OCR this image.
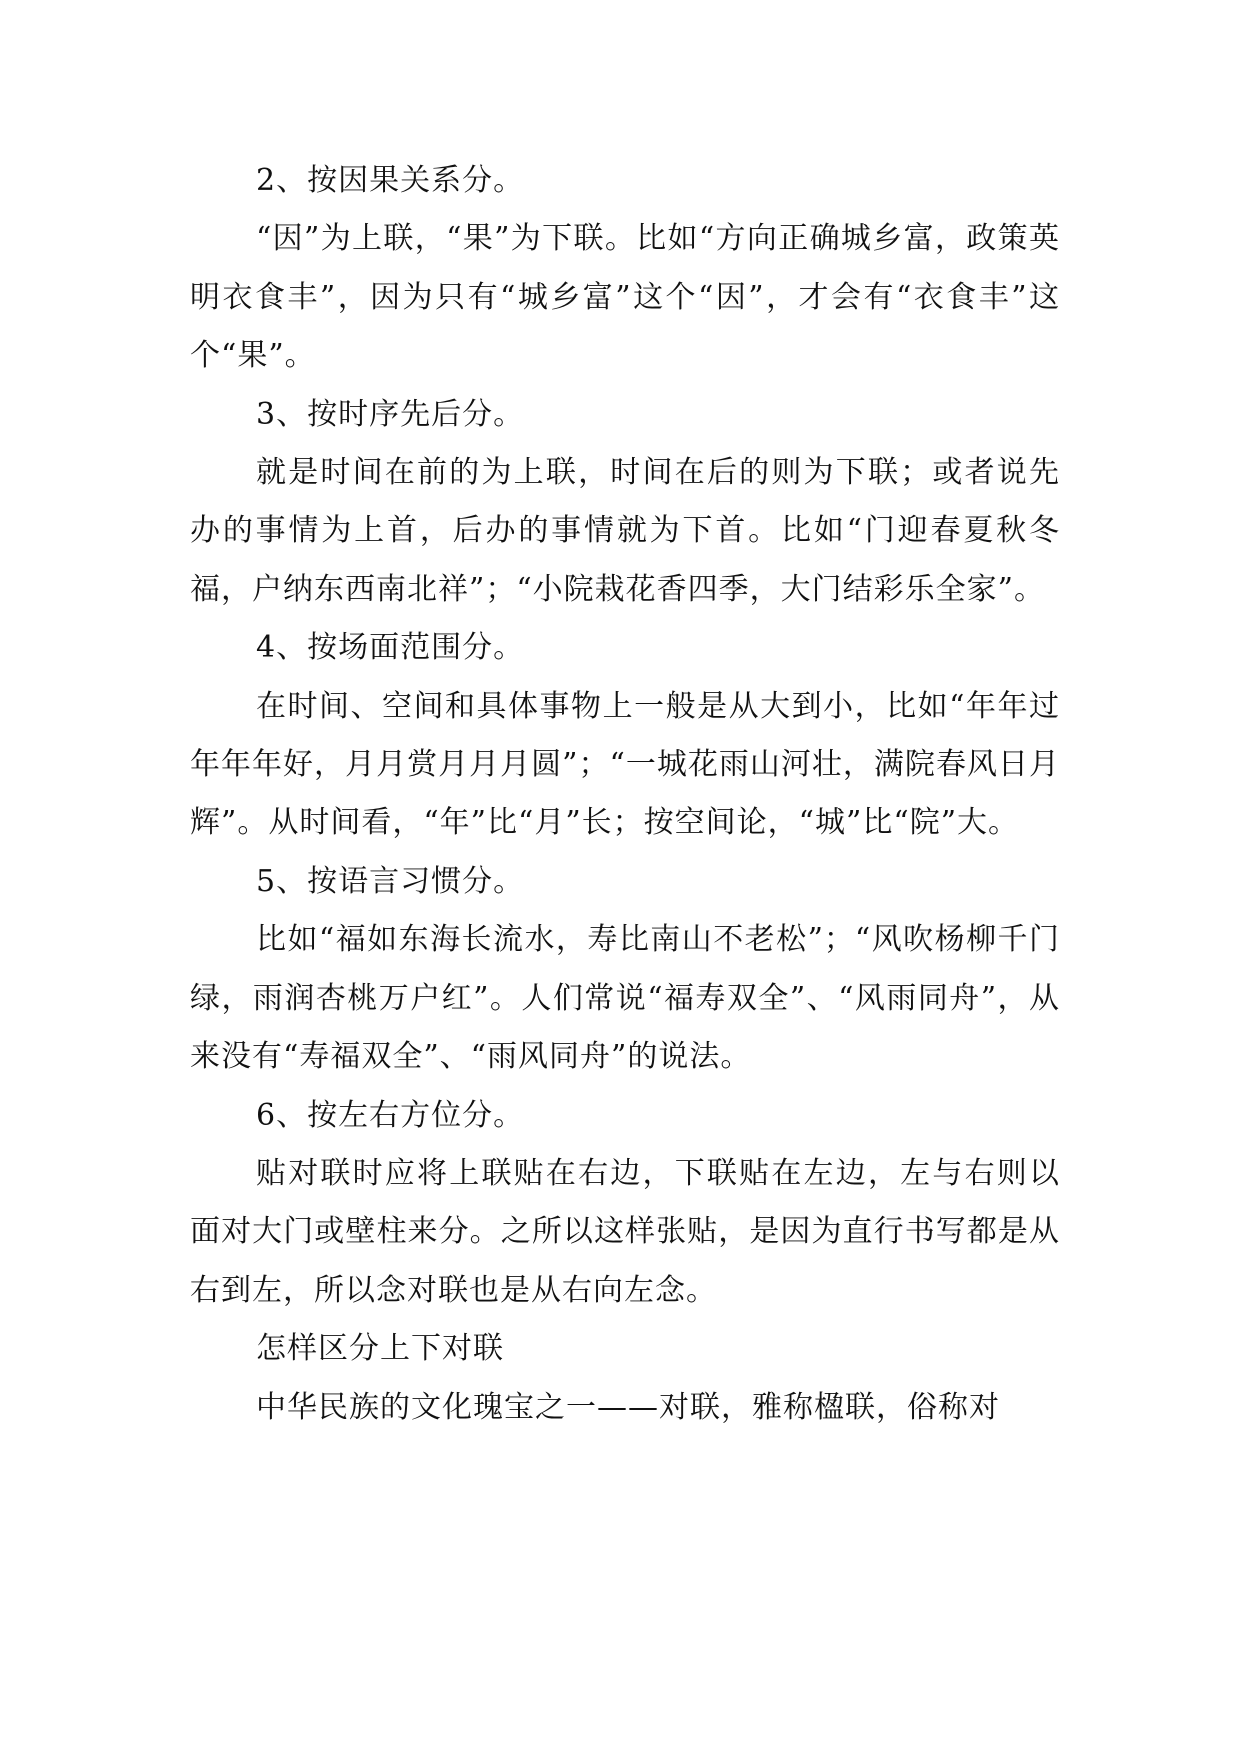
2、按因果关系分。

“因”为上联，“果”为下联。比如“方向正确城乡富，政策英明衣食丰”，因为只有“城乡富”这个“因”，才会有“衣食丰”这个“果”。

3、按时序先后分。

就是时间在前的为上联，时间在后的则为下联；或者说先办的事情为上首，后办的事情就为下首。比如“门迎春夏秋冬福，户纳东西南北祥”；“小院栽花香四季，大门结彩乐全家”。

4、按场面范围分。

在时间、空间和具体事物上一般是从大到小，比如“年年过年年年好，月月赏月月月圆”；“一城花雨山河壮，满院春风日月辉”。从时间看，“年”比“月”长；按空间论，“城”比“院”大。

5、按语言习惯分。

比如“福如东海长流水，寿比南山不老松”；“风吹杨柳千门绿，雨润杏桃万户红”。人们常说“福寿双全”、“风雨同舟”，从来没有“寿福双全”、“雨风同舟”的说法。

6、按左右方位分。

贴对联时应将上联贴在右边，下联贴在左边，左与右则以面对大门或壁柱来分。之所以这样张贴，是因为直行书写都是从右到左，所以念对联也是从右向左念。

怎样区分上下对联

中华民族的文化瑰宝之一——对联，雅称楹联，俗称对
